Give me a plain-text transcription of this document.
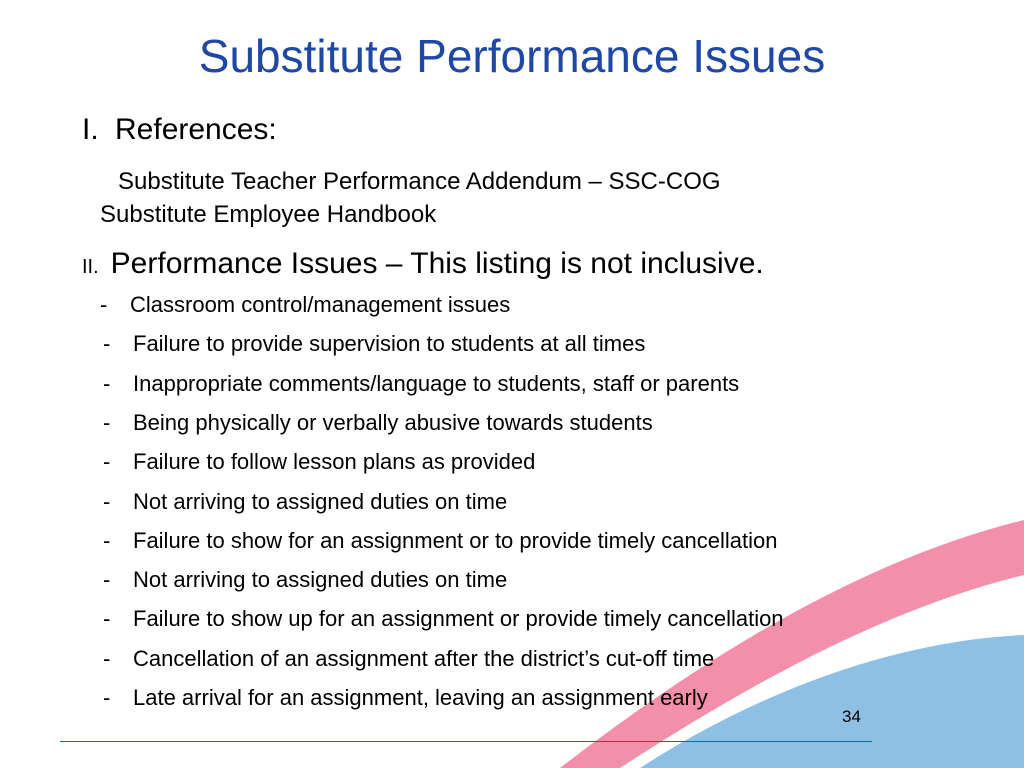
Substitute Performance Issues
I. References:
Substitute Teacher Performance Addendum – SSC-COG
Substitute Employee Handbook
II. Performance Issues – This listing is not inclusive.
- Classroom control/management issues
- Failure to provide supervision to students at all times
- Inappropriate comments/language to students, staff or parents
- Being physically or verbally abusive towards students
- Failure to follow lesson plans as provided
- Not arriving to assigned duties on time
- Failure to show for an assignment or to provide timely cancellation
- Not arriving to assigned duties on time
- Failure to show up for an assignment or provide timely cancellation
- Cancellation of an assignment after the district’s cut-off time
- Late arrival for an assignment, leaving an assignment early
34
